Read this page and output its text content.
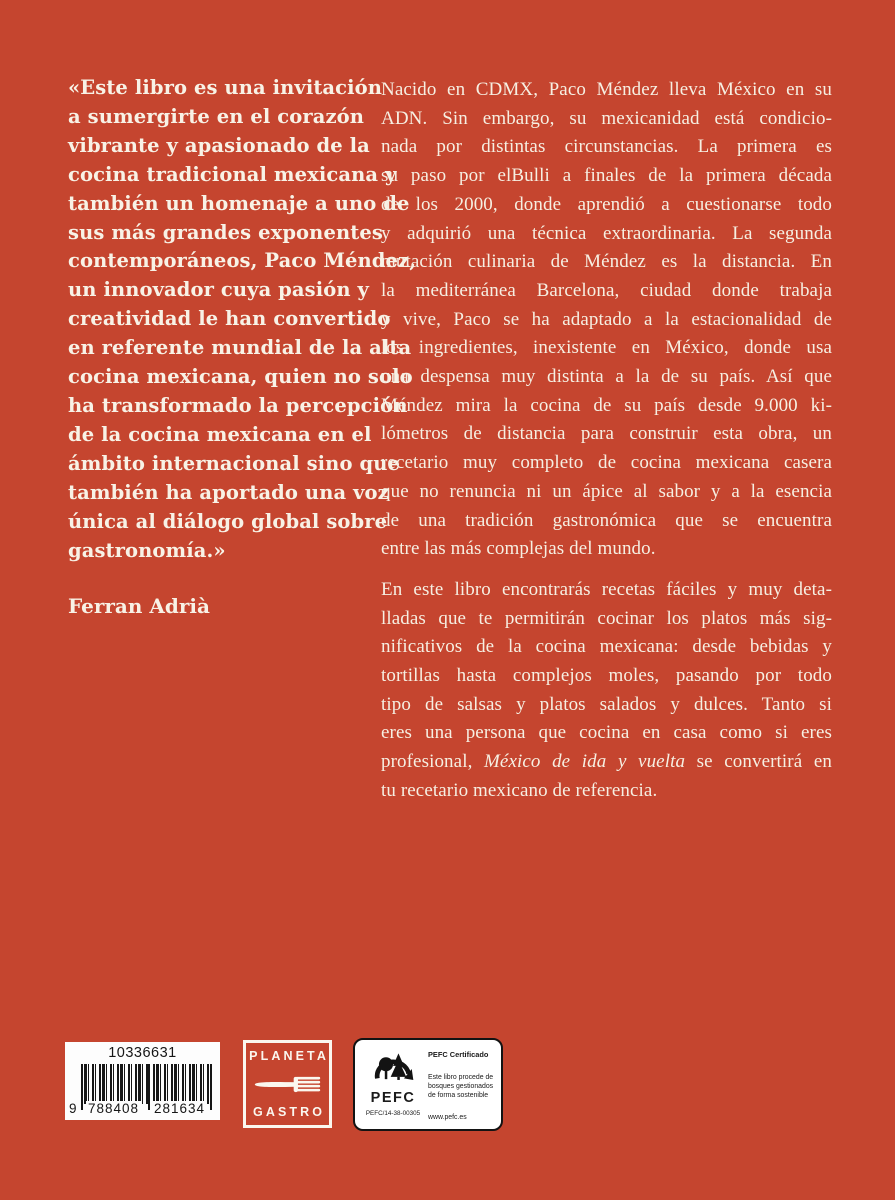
«Este libro es una invitación
a sumergirte en el corazón
vibrante y apasionado de la
cocina tradicional mexicana y
también un homenaje a uno de
sus más grandes exponentes
contemporáneos, Paco Méndez,
un innovador cuya pasión y
creatividad le han convertido
en referente mundial de la alta
cocina mexicana, quien no solo
ha transformado la percepción
de la cocina mexicana en el
ámbito internacional sino que
también ha aportado una voz
única al diálogo global sobre
gastronomía.»
Ferran Adrià
Nacido en CDMX, Paco Méndez lleva México en su
ADN. Sin embargo, su mexicanidad está condicio-
nada por distintas circunstancias. La primera es
su paso por elBulli a finales de la primera década
de los 2000, donde aprendió a cuestionarse todo
y adquirió una técnica extraordinaria. La segunda
mutación culinaria de Méndez es la distancia. En
la mediterránea Barcelona, ciudad donde trabaja
y vive, Paco se ha adaptado a la estacionalidad de
los ingredientes, inexistente en México, donde usa
una despensa muy distinta a la de su país. Así que
Méndez mira la cocina de su país desde 9.000 ki-
lómetros de distancia para construir esta obra, un
recetario muy completo de cocina mexicana casera
que no renuncia ni un ápice al sabor y a la esencia
de una tradición gastronómica que se encuentra
entre las más complejas del mundo.
En este libro encontrarás recetas fáciles y muy deta-
lladas que te permitirán cocinar los platos más sig-
nificativos de la cocina mexicana: desde bebidas y
tortillas hasta complejos moles, pasando por todo
tipo de salsas y platos salados y dulces. Tanto si
eres una persona que cocina en casa como si eres
profesional, México de ida y vuelta se convertirá en
tu recetario mexicano de referencia.
10336631
9 788408 281634
PLANETA
GASTRO
PEFC
PEFC/14-38-00305
PEFC Certificado
Este libro procede de
bosques gestionados
de forma sostenible
www.pefc.es
